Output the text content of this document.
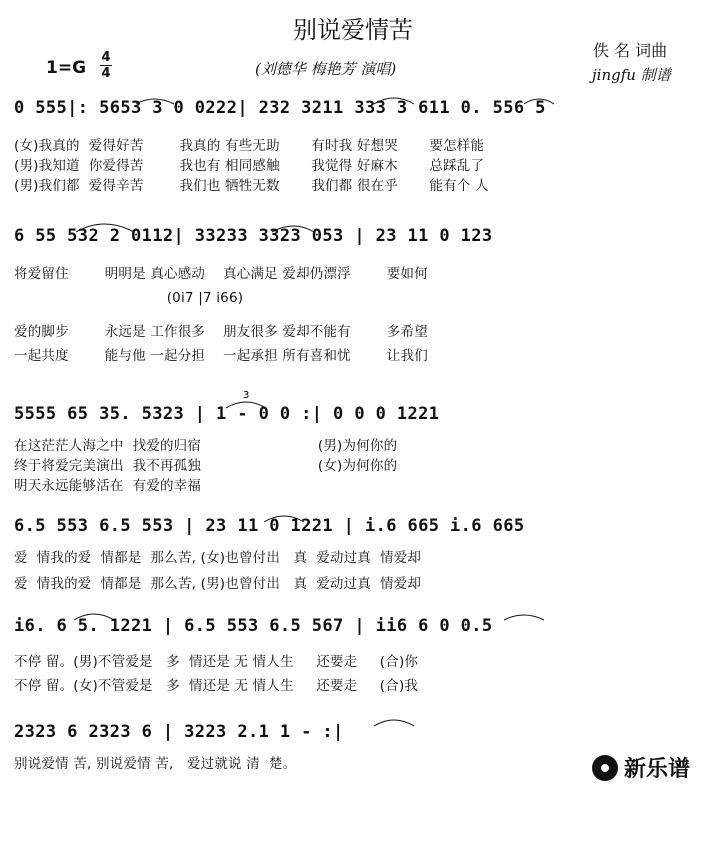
别说爱情苦
1=G
4
4	(刘德华 梅艳芳 演唱)
佚 名 词曲
jingfu 制谱
0 555|: 5653 3 0 0222| 232 3211 333 3 611 0. 556 5
(女)我真的  爱得好苦        我真的 有些无助       有时我 好想哭       要怎样能
(男)我知道  你爱得苦        我也有 相同感触       我觉得 好麻木       总踩乱了
(男)我们都  爱得辛苦        我们也 牺牲无数       我们都 很在乎       能有个 人
6 55 532 2 0112| 33233 3323 053 | 23 11 0 123
将爱留住        明明是 真心感动    真心满足 爱却仍漂浮        要如何
(0i7 |7 i66)
爱的脚步        永远是 工作很多    朋友很多 爱却不能有        多希望
一起共度        能与他 一起分担    一起承担 所有喜和忧        让我们
3
5555 65 35. 5323 | 1 - 0 0 :| 0 0 0 1221
在这茫茫人海之中  找爱的归宿                          (男)为何你的
终于将爱完美演出  我不再孤独                          (女)为何你的
明天永远能够活在  有爱的幸福
6.5 553 6.5 553 | 23 11 0 1221 | i.6 665 i.6 665
爱  情我的爱  情都是  那么苦, (女)也曾付出   真  爱动过真  情爱却
爱  情我的爱  情都是  那么苦, (男)也曾付出   真  爱动过真  情爱却
i6. 6 5. 1221 | 6.5 553 6.5 567 | ii6 6 0 0.5
不停 留。(男)不管爱是   多  情还是 无 情人生     还要走     (合)你
不停 留。(女)不管爱是   多  情还是 无 情人生     还要走     (合)我
2323 6 2323 6 | 3223 2.1 1 - :|
别说爱情 苦, 别说爱情 苦,   爱过就说 清  楚。	新乐谱
